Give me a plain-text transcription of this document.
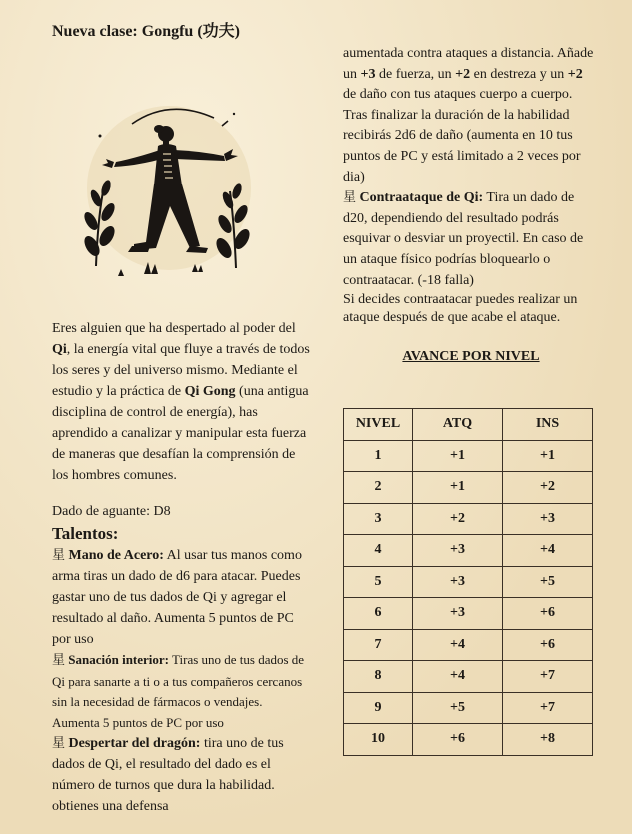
Nueva clase: Gongfu (功夫)

Eres alguien que ha despertado al poder del Qi, la energía vital que fluye a través de todos los seres y del universo mismo. Mediante el estudio y la práctica de Qi Gong (una antigua disciplina de control de energía), has aprendido a canalizar y manipular esta fuerza de maneras que desafían la comprensión de los hombres comunes.

Dado de aguante: D8

Talentos:

星 Mano de Acero: Al usar tus manos como arma tiras un dado de d6 para atacar. Puedes gastar uno de tus dados de Qi y agregar el resultado al daño. Aumenta 5 puntos de PC por uso

星 Sanación interior: Tiras uno de tus dados de Qi para sanarte a ti o a tus compañeros cercanos sin la necesidad de fármacos o vendajes. Aumenta 5 puntos de PC por uso

星 Despertar del dragón: tira uno de tus dados de Qi, el resultado del dado es el número de turnos que dura la habilidad. obtienes una defensa

aumentada contra ataques a distancia. Añade un +3 de fuerza, un +2 en destreza y un +2 de daño con tus ataques cuerpo a cuerpo. Tras finalizar la duración de la habilidad recibirás 2d6 de daño (aumenta en 10 tus puntos de PC y está limitado a 2 veces por dia)

星 Contraataque de Qi: Tira un dado de d20, dependiendo del resultado podrás esquivar o desviar un proyectil. En caso de un ataque físico podrías bloquearlo o contraatacar. (-18 falla)

Si decides contraatacar puedes realizar un ataque después de que acabe el ataque.

AVANCE POR NIVEL

NIVEL	ATQ	INS
1	+1	+1
2	+1	+2
3	+2	+3
4	+3	+4
5	+3	+5
6	+3	+6
7	+4	+6
8	+4	+7
9	+5	+7
10	+6	+8
